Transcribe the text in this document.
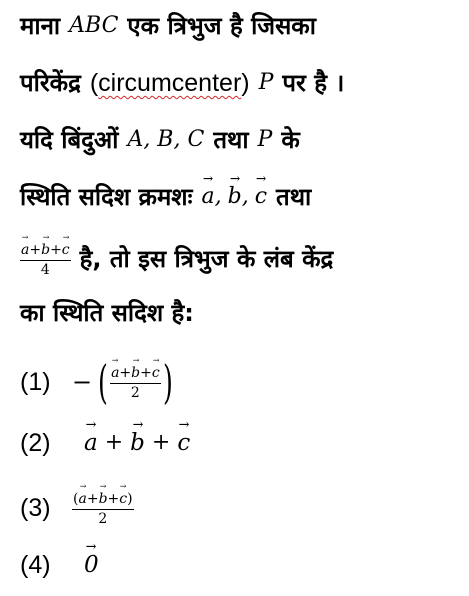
माना ABC एक त्रिभुज है जिसका
परिकेंद्र ( circumcenter ) P पर है ।
यदि बिंदुओं A, B, C तथा P के
स्थिति सदिश क्रमशः → a , → b , → c तथा
→ $\frac{a+\to b+\to c}{4}$ है, तो इस त्रिभुज के लंब केंद्र
का स्थिति सदिश है:
(1) − ( → $\frac{a+\to b+\to c}{2}$ )
(2)	→ a + → b + → c
(3)	$\frac{(\to a+\to b+\to c)}{2}$
(4)	→ 0
